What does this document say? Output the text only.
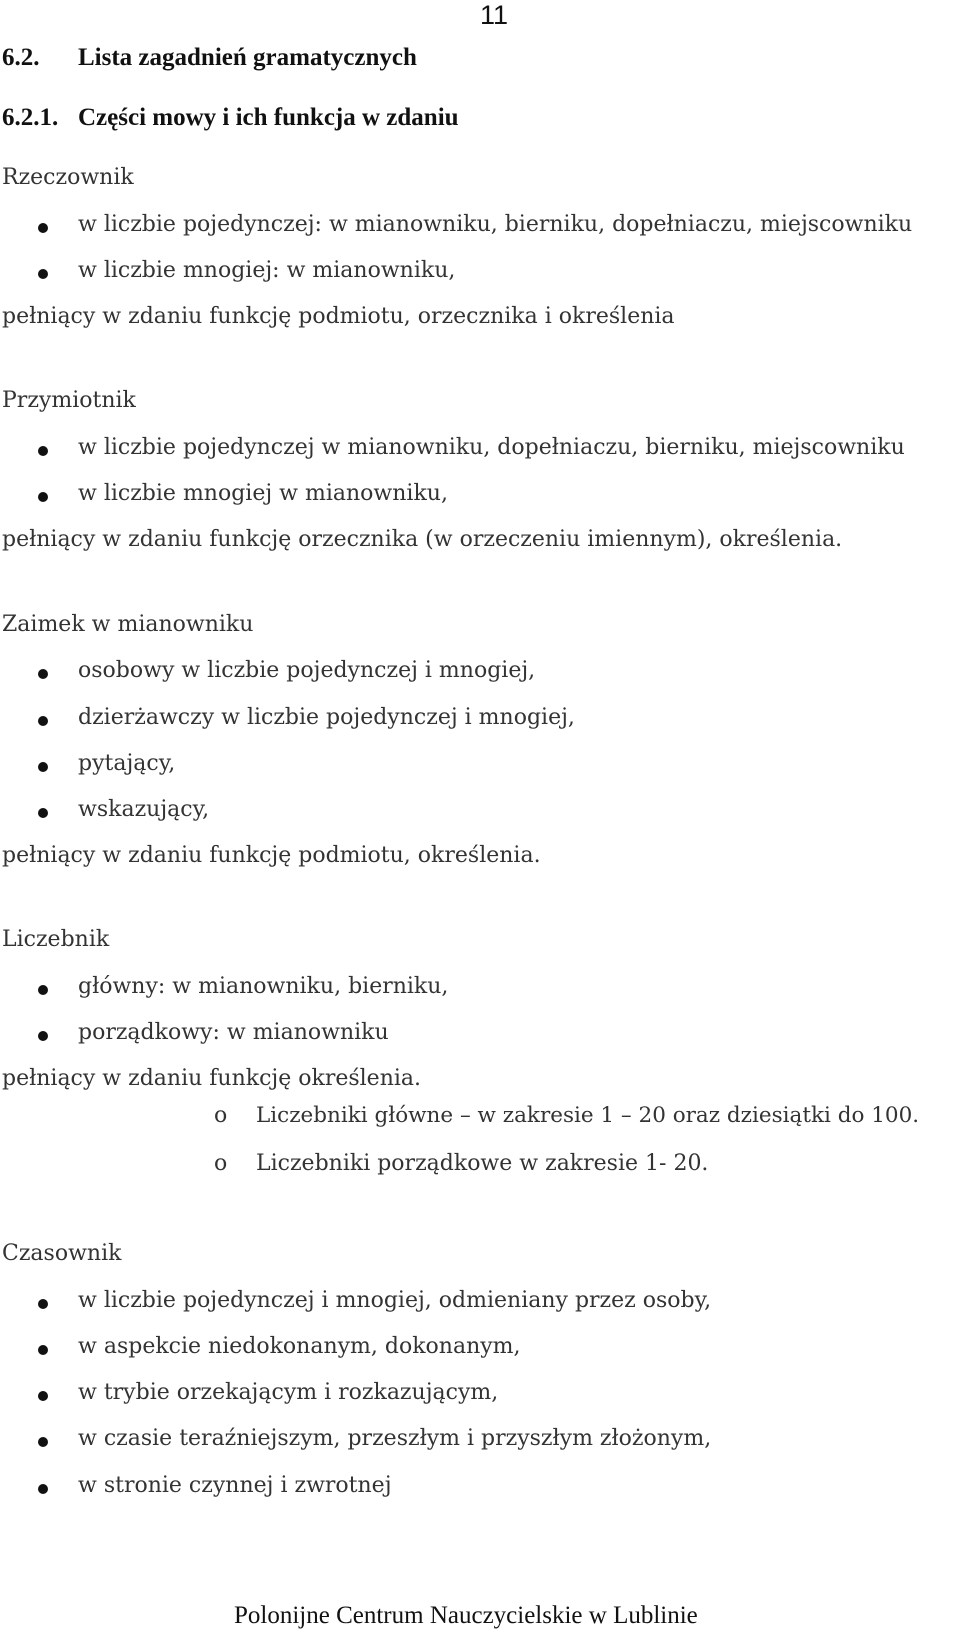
11
6.2. Lista zagadnień gramatycznych
6.2.1. Części mowy i ich funkcja w zdaniu
Rzeczownik
w liczbie pojedynczej: w mianowniku, bierniku, dopełniaczu, miejscowniku
w liczbie mnogiej: w mianowniku,
pełniący w zdaniu funkcję podmiotu, orzecznika i określenia
Przymiotnik
w liczbie pojedynczej w mianowniku, dopełniaczu, bierniku, miejscowniku
w liczbie mnogiej w mianowniku,
pełniący w zdaniu funkcję orzecznika (w orzeczeniu imiennym), określenia.
Zaimek w mianowniku
osobowy w liczbie pojedynczej i mnogiej,
dzierżawczy w liczbie pojedynczej i mnogiej,
pytający,
wskazujący,
pełniący w zdaniu funkcję podmiotu, określenia.
Liczebnik
główny: w mianowniku, bierniku,
porządkowy: w mianowniku
pełniący w zdaniu funkcję określenia.
o Liczebniki główne – w zakresie 1 – 20 oraz dziesiątki do 100.
o Liczebniki porządkowe w zakresie 1- 20.
Czasownik
w liczbie pojedynczej i mnogiej, odmieniany przez osoby,
w aspekcie niedokonanym, dokonanym,
w trybie orzekającym i rozkazującym,
w czasie teraźniejszym, przeszłym i przyszłym złożonym,
w stronie czynnej i zwrotnej
Polonijne Centrum Nauczycielskie w Lublinie
